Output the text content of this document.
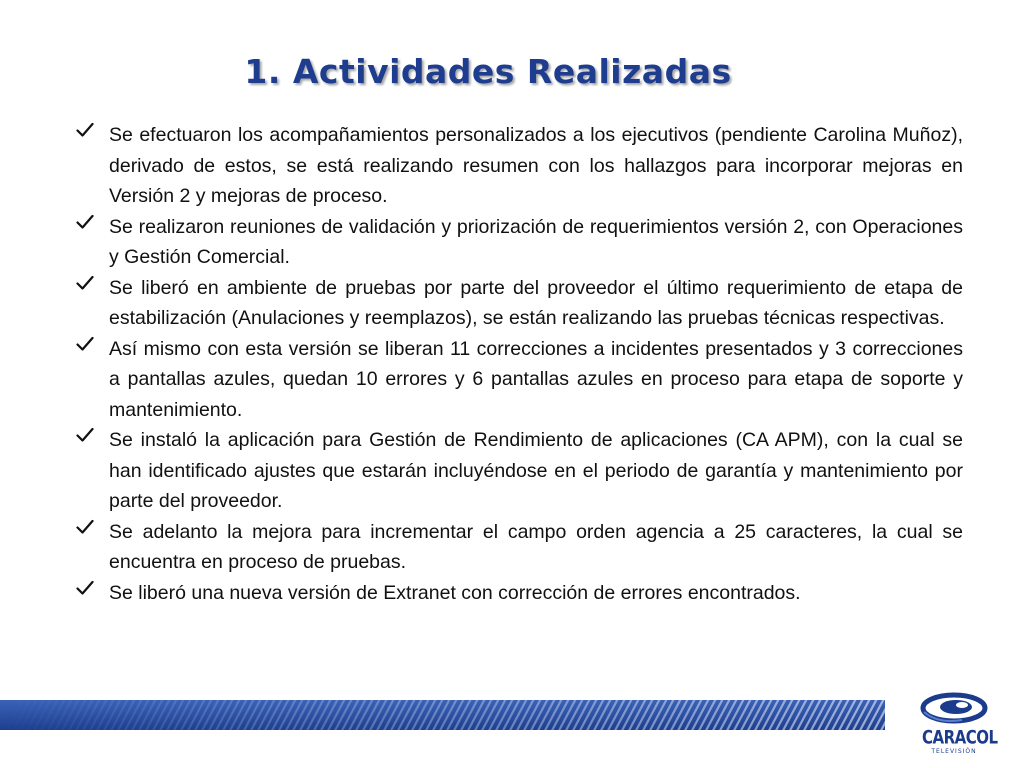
1. Actividades Realizadas
Se efectuaron los acompañamientos personalizados a los ejecutivos (pendiente Carolina Muñoz), derivado de estos, se está realizando resumen con los hallazgos para incorporar mejoras en Versión 2 y mejoras de proceso.
Se realizaron reuniones de validación y priorización de requerimientos versión 2, con Operaciones y Gestión Comercial.
Se liberó en ambiente de pruebas por parte del proveedor el último requerimiento de etapa de estabilización (Anulaciones y reemplazos), se están realizando las pruebas técnicas respectivas.
Así mismo con esta versión se liberan 11 correcciones a incidentes presentados y 3 correcciones a pantallas azules, quedan 10 errores y 6 pantallas azules en proceso para etapa de soporte y mantenimiento.
Se instaló la aplicación para Gestión de Rendimiento de aplicaciones (CA APM), con la cual se han identificado ajustes que estarán incluyéndose en el periodo de garantía y mantenimiento por parte del proveedor.
Se adelanto la mejora para incrementar el campo orden agencia a 25 caracteres, la cual se encuentra en proceso de pruebas.
Se liberó una nueva versión de Extranet con corrección de errores encontrados.
CARACOL
TELEVISIÓN
